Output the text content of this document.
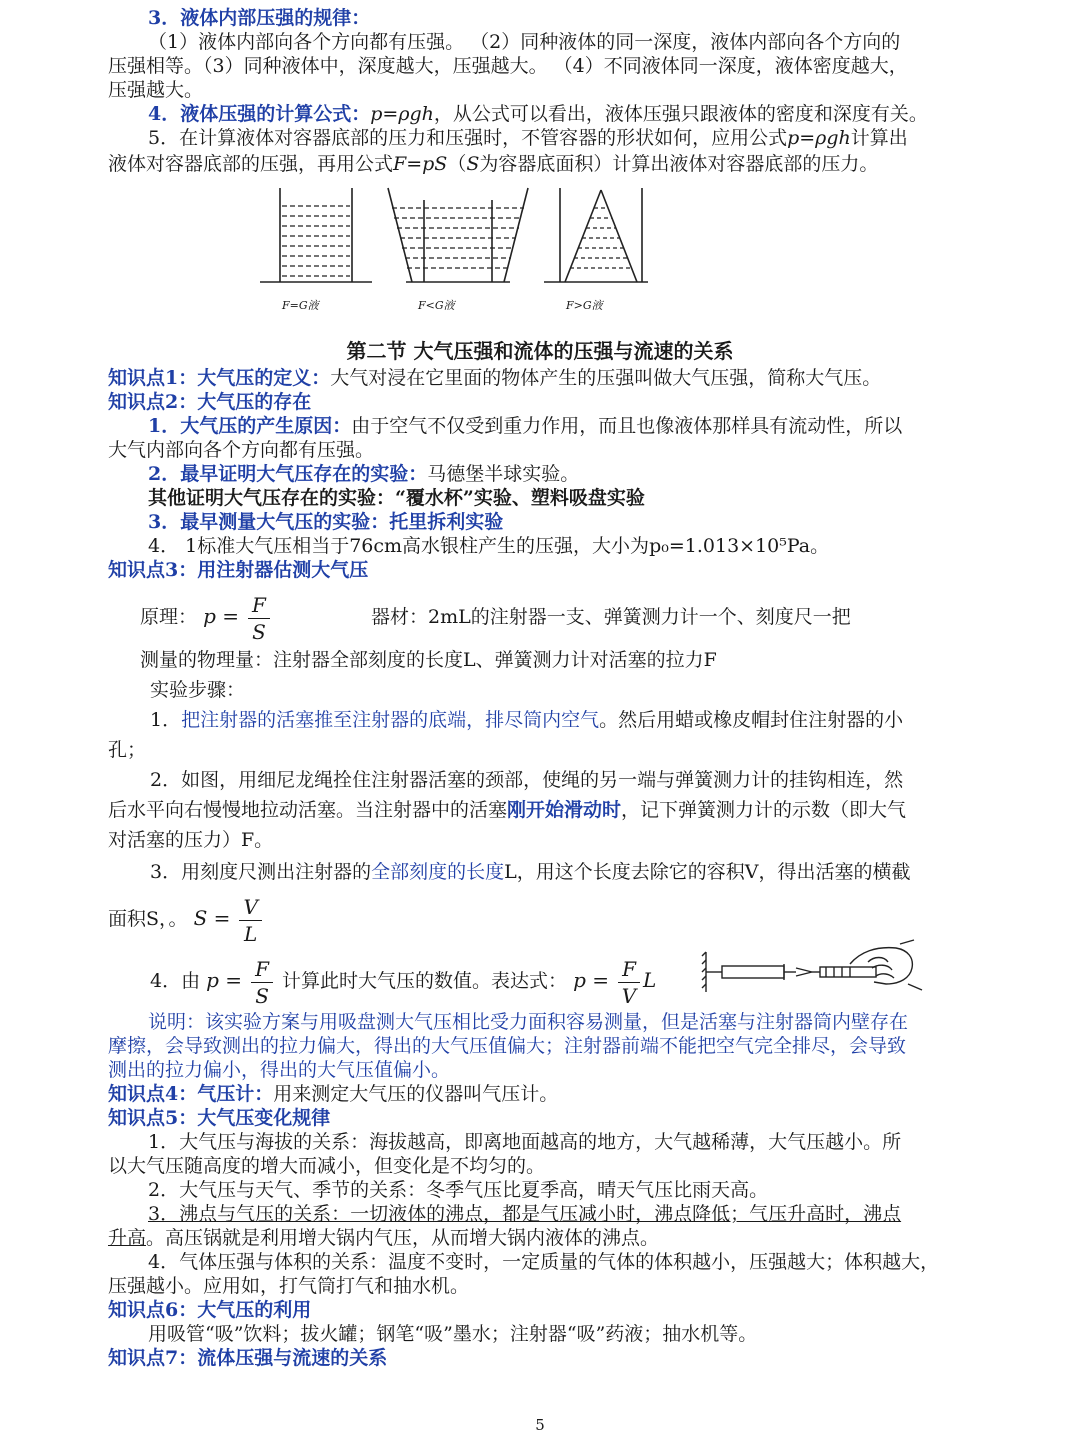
3．液体内部压强的规律：
（1）液体内部向各个方向都有压强。 （2）同种液体的同一深度，液体内部向各个方向的
压强相等。（3）同种液体中，深度越大，压强越大。 （4）不同液体同一深度，液体密度越大，
压强越大。
4．液体压强的计算公式：p=ρgh，从公式可以看出，液体压强只跟液体的密度和深度有关。
5．在计算液体对容器底部的压力和压强时，不管容器的形状如何，应用公式p=ρgh计算出
液体对容器底部的压强，再用公式F=pS（S为容器底面积）计算出液体对容器底部的压力。
F=G液	F<G液	F>G液
第二节 大气压强和流体的压强与流速的关系
知识点1：大气压的定义：大气对浸在它里面的物体产生的压强叫做大气压强，简称大气压。
知识点2：大气压的存在
1．大气压的产生原因：由于空气不仅受到重力作用，而且也像液体那样具有流动性，所以
大气内部向各个方向都有压强。
2．最早证明大气压存在的实验：马德堡半球实验。
其他证明大气压存在的实验：“覆水杯”实验、塑料吸盘实验
3．最早测量大气压的实验：托里拆利实验
4． 1标准大气压相当于76cm高水银柱产生的压强，大小为p₀=1.013×10⁵Pa。
知识点3：用注射器估测大气压
原理： $p = \frac{F}{S}$	器材：2mL的注射器一支、弹簧测力计一个、刻度尺一把
测量的物理量：注射器全部刻度的长度L、弹簧测力计对活塞的拉力F
实验步骤：
1．把注射器的活塞推至注射器的底端，排尽筒内空气。然后用蜡或橡皮帽封住注射器的小
孔；
2．如图，用细尼龙绳拴住注射器活塞的颈部，使绳的另一端与弹簧测力计的挂钩相连，然
后水平向右慢慢地拉动活塞。当注射器中的活塞刚开始滑动时，记下弹簧测力计的示数（即大气
对活塞的压力）F。
3．用刻度尺测出注射器的全部刻度的长度L，用这个长度去除它的容积V，得出活塞的横截
面积S，。 $S = \frac{V}{L}$
4．由 $p = \frac{F}{S}$ 计算此时大气压的数值。表达式： $p = \frac{F}{V}$ L
说明：该实验方案与用吸盘测大气压相比受力面积容易测量，但是活塞与注射器筒内壁存在
摩擦，会导致测出的拉力偏大，得出的大气压值偏大；注射器前端不能把空气完全排尽，会导致
测出的拉力偏小，得出的大气压值偏小。
知识点4：气压计：用来测定大气压的仪器叫气压计。
知识点5：大气压变化规律
1．大气压与海拔的关系：海拔越高，即离地面越高的地方，大气越稀薄，大气压越小。所
以大气压随高度的增大而减小，但变化是不均匀的。
2．大气压与天气、季节的关系：冬季气压比夏季高，晴天气压比雨天高。
3．沸点与气压的关系：一切液体的沸点，都是气压减小时，沸点降低；气压升高时，沸点
升高。高压锅就是利用增大锅内气压，从而增大锅内液体的沸点。
4．气体压强与体积的关系：温度不变时，一定质量的气体的体积越小，压强越大；体积越大，
压强越小。应用如，打气筒打气和抽水机。
知识点6：大气压的利用
用吸管“吸”饮料；拔火罐；钢笔“吸”墨水；注射器“吸”药液；抽水机等。
知识点7：流体压强与流速的关系
5
